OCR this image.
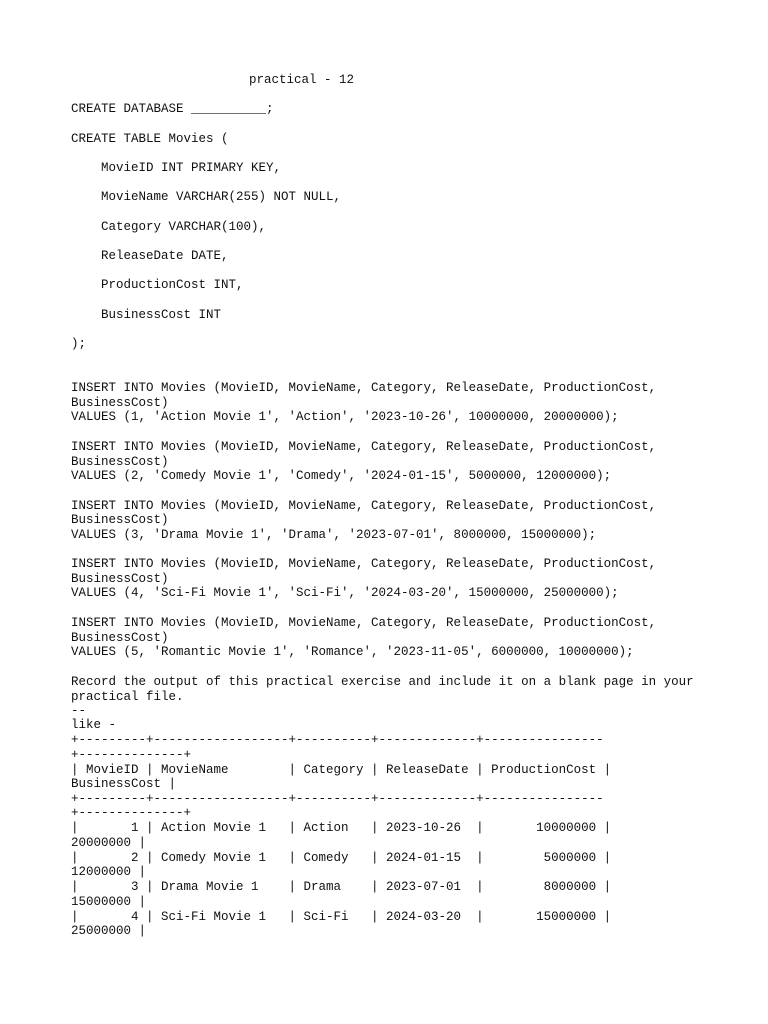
practical - 12

CREATE DATABASE __________;

CREATE TABLE Movies (

MovieID INT PRIMARY KEY,

MovieName VARCHAR(255) NOT NULL,

Category VARCHAR(100),

ReleaseDate DATE,

ProductionCost INT,

BusinessCost INT

);

INSERT INTO Movies (MovieID, MovieName, Category, ReleaseDate, ProductionCost,

BusinessCost)

VALUES (1, 'Action Movie 1', 'Action', '2023-10-26', 10000000, 20000000);

INSERT INTO Movies (MovieID, MovieName, Category, ReleaseDate, ProductionCost,

BusinessCost)

VALUES (2, 'Comedy Movie 1', 'Comedy', '2024-01-15', 5000000, 12000000);

INSERT INTO Movies (MovieID, MovieName, Category, ReleaseDate, ProductionCost,

BusinessCost)

VALUES (3, 'Drama Movie 1', 'Drama', '2023-07-01', 8000000, 15000000);

INSERT INTO Movies (MovieID, MovieName, Category, ReleaseDate, ProductionCost,

BusinessCost)

VALUES (4, 'Sci-Fi Movie 1', 'Sci-Fi', '2024-03-20', 15000000, 25000000);

INSERT INTO Movies (MovieID, MovieName, Category, ReleaseDate, ProductionCost,

BusinessCost)

VALUES (5, 'Romantic Movie 1', 'Romance', '2023-11-05', 6000000, 10000000);

Record the output of this practical exercise and include it on a blank page in your

practical file.

--

like -

+---------+------------------+----------+-------------+----------------

+--------------+

| MovieID | MovieName        | Category | ReleaseDate | ProductionCost |

BusinessCost |

+---------+------------------+----------+-------------+----------------

+--------------+

|       1 | Action Movie 1   | Action   | 2023-10-26  |       10000000 |

20000000 |

|       2 | Comedy Movie 1   | Comedy   | 2024-01-15  |        5000000 |

12000000 |

|       3 | Drama Movie 1    | Drama    | 2023-07-01  |        8000000 |

15000000 |

|       4 | Sci-Fi Movie 1   | Sci-Fi   | 2024-03-20  |       15000000 |

25000000 |
